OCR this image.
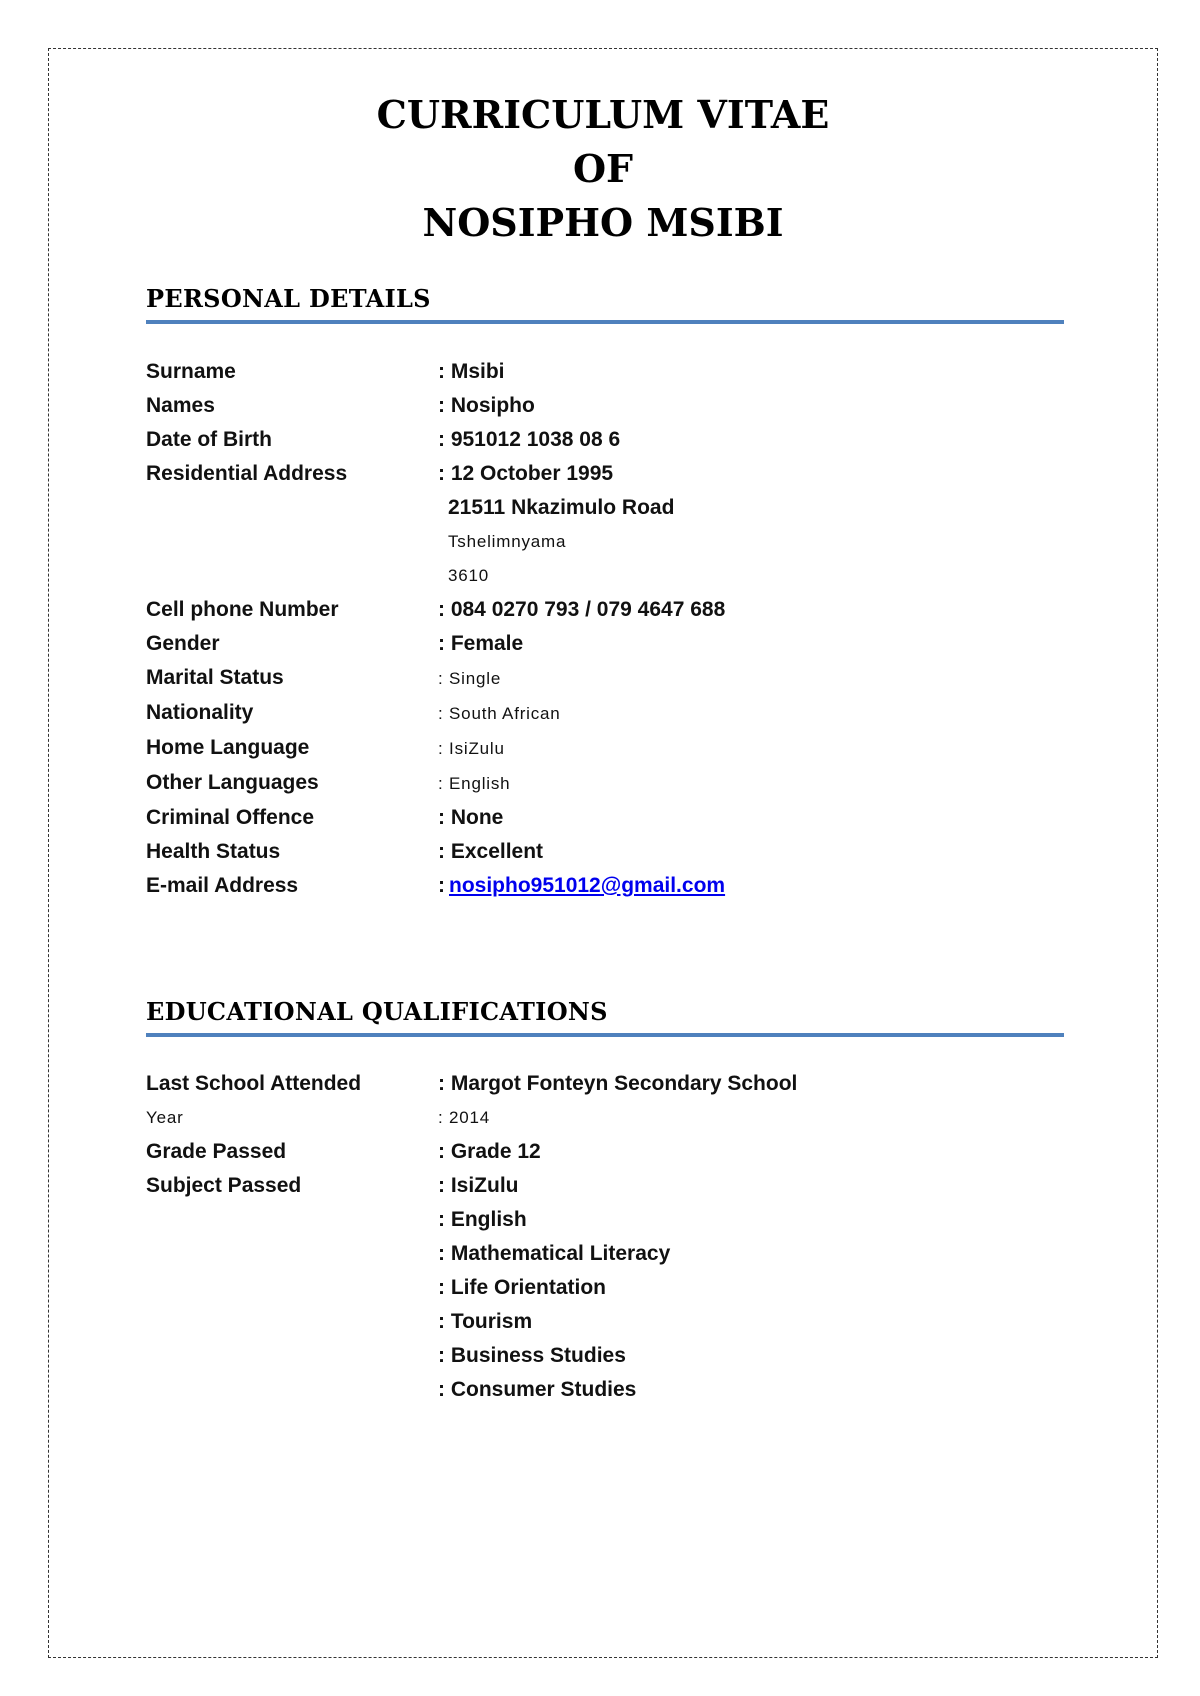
CURRICULUM VITAE
OF
NOSIPHO MSIBI
PERSONAL DETAILS
Surname	: Msibi
Names	: Nosipho
Date of Birth	: 951012 1038 08 6
Residential Address	: 12 October 1995
21511 Nkazimulo Road
Tshelimnyama
3610
Cell phone Number	: 084 0270 793 / 079 4647 688
Gender	: Female
Marital Status	: Single
Nationality	: South African
Home Language	: IsiZulu
Other Languages	: English
Criminal Offence	: None
Health Status	: Excellent
E-mail Address	: nosipho951012@gmail.com
EDUCATIONAL QUALIFICATIONS
Last School Attended	: Margot Fonteyn Secondary School
Year	: 2014
Grade Passed	: Grade 12
Subject Passed	: IsiZulu
: English
: Mathematical Literacy
: Life Orientation
: Tourism
: Business Studies
: Consumer Studies
